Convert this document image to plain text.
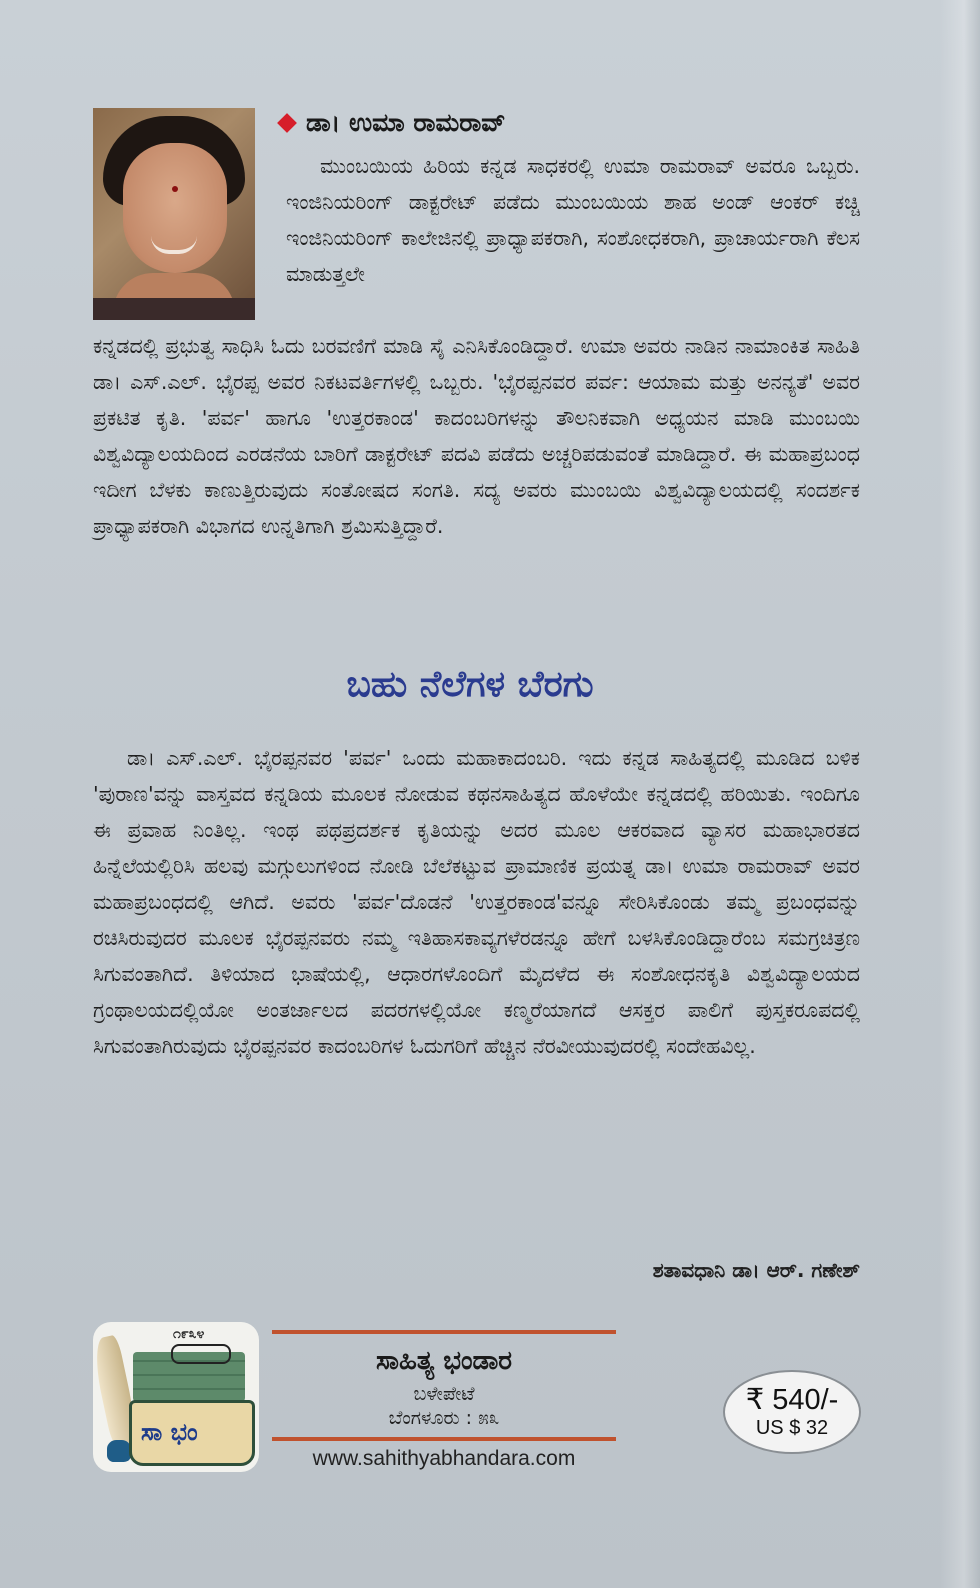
ಡಾ। ಉಮಾ ರಾಮರಾವ್
ಮುಂಬಯಿಯ ಹಿರಿಯ ಕನ್ನಡ ಸಾಧಕರಲ್ಲಿ ಉಮಾ ರಾಮರಾವ್ ಅವರೂ ಒಬ್ಬರು. ಇಂಜಿನಿಯರಿಂಗ್ ಡಾಕ್ಟರೇಟ್ ಪಡೆದು ಮುಂಬಯಿಯ ಶಾಹ ಅಂಡ್ ಆಂಕರ್ ಕಚ್ಚಿ ಇಂಜಿನಿಯರಿಂಗ್ ಕಾಲೇಜಿನಲ್ಲಿ ಪ್ರಾಧ್ಯಾಪಕರಾಗಿ, ಸಂಶೋಧಕರಾಗಿ, ಪ್ರಾಚಾರ್ಯರಾಗಿ ಕೆಲಸ ಮಾಡುತ್ತಲೇ
ಕನ್ನಡದಲ್ಲಿ ಪ್ರಭುತ್ವ ಸಾಧಿಸಿ ಓದು ಬರವಣಿಗೆ ಮಾಡಿ ಸೈ ಎನಿಸಿಕೊಂಡಿದ್ದಾರೆ. ಉಮಾ ಅವರು ನಾಡಿನ ನಾಮಾಂಕಿತ ಸಾಹಿತಿ ಡಾ। ಎಸ್.ಎಲ್. ಭೈರಪ್ಪ ಅವರ ನಿಕಟವರ್ತಿಗಳಲ್ಲಿ ಒಬ್ಬರು. 'ಭೈರಪ್ಪನವರ ಪರ್ವ: ಆಯಾಮ ಮತ್ತು ಅನನ್ಯತೆ' ಅವರ ಪ್ರಕಟಿತ ಕೃತಿ. 'ಪರ್ವ' ಹಾಗೂ 'ಉತ್ತರಕಾಂಡ' ಕಾದಂಬರಿಗಳನ್ನು ತೌಲನಿಕವಾಗಿ ಅಧ್ಯಯನ ಮಾಡಿ ಮುಂಬಯಿ ವಿಶ್ವವಿದ್ಯಾಲಯದಿಂದ ಎರಡನೆಯ ಬಾರಿಗೆ ಡಾಕ್ಟರೇಟ್ ಪದವಿ ಪಡೆದು ಅಚ್ಚರಿಪಡುವಂತೆ ಮಾಡಿದ್ದಾರೆ. ಈ ಮಹಾಪ್ರಬಂಧ ಇದೀಗ ಬೆಳಕು ಕಾಣುತ್ತಿರುವುದು ಸಂತೋಷದ ಸಂಗತಿ. ಸದ್ಯ ಅವರು ಮುಂಬಯಿ ವಿಶ್ವವಿದ್ಯಾಲಯದಲ್ಲಿ ಸಂದರ್ಶಕ ಪ್ರಾಧ್ಯಾಪಕರಾಗಿ ವಿಭಾಗದ ಉನ್ನತಿಗಾಗಿ ಶ್ರಮಿಸುತ್ತಿದ್ದಾರೆ.
ಬಹು ನೆಲೆಗಳ ಬೆರಗು
ಡಾ। ಎಸ್.ಎಲ್. ಭೈರಪ್ಪನವರ 'ಪರ್ವ' ಒಂದು ಮಹಾಕಾದಂಬರಿ. ಇದು ಕನ್ನಡ ಸಾಹಿತ್ಯದಲ್ಲಿ ಮೂಡಿದ ಬಳಿಕ 'ಪುರಾಣ'ವನ್ನು ವಾಸ್ತವದ ಕನ್ನಡಿಯ ಮೂಲಕ ನೋಡುವ ಕಥನಸಾಹಿತ್ಯದ ಹೊಳೆಯೇ ಕನ್ನಡದಲ್ಲಿ ಹರಿಯಿತು. ಇಂದಿಗೂ ಈ ಪ್ರವಾಹ ನಿಂತಿಲ್ಲ. ಇಂಥ ಪಥಪ್ರದರ್ಶಕ ಕೃತಿಯನ್ನು ಅದರ ಮೂಲ ಆಕರವಾದ ವ್ಯಾಸರ ಮಹಾಭಾರತದ ಹಿನ್ನೆಲೆಯಲ್ಲಿರಿಸಿ ಹಲವು ಮಗ್ಗುಲುಗಳಿಂದ ನೋಡಿ ಬೆಲೆಕಟ್ಟುವ ಪ್ರಾಮಾಣಿಕ ಪ್ರಯತ್ನ ಡಾ। ಉಮಾ ರಾಮರಾವ್ ಅವರ ಮಹಾಪ್ರಬಂಧದಲ್ಲಿ ಆಗಿದೆ. ಅವರು 'ಪರ್ವ'ದೊಡನೆ 'ಉತ್ತರಕಾಂಡ'ವನ್ನೂ ಸೇರಿಸಿಕೊಂಡು ತಮ್ಮ ಪ್ರಬಂಧವನ್ನು ರಚಿಸಿರುವುದರ ಮೂಲಕ ಭೈರಪ್ಪನವರು ನಮ್ಮ ಇತಿಹಾಸಕಾವ್ಯಗಳೆರಡನ್ನೂ ಹೇಗೆ ಬಳಸಿಕೊಂಡಿದ್ದಾರೆಂಬ ಸಮಗ್ರಚಿತ್ರಣ ಸಿಗುವಂತಾಗಿದೆ. ತಿಳಿಯಾದ ಭಾಷೆಯಲ್ಲಿ, ಆಧಾರಗಳೊಂದಿಗೆ ಮೈದಳೆದ ಈ ಸಂಶೋಧನಕೃತಿ ವಿಶ್ವವಿದ್ಯಾಲಯದ ಗ್ರಂಥಾಲಯದಲ್ಲಿಯೋ ಅಂತರ್ಜಾಲದ ಪದರಗಳಲ್ಲಿಯೋ ಕಣ್ಮರೆಯಾಗದೆ ಆಸಕ್ತರ ಪಾಲಿಗೆ ಪುಸ್ತಕರೂಪದಲ್ಲಿ ಸಿಗುವಂತಾಗಿರುವುದು ಭೈರಪ್ಪನವರ ಕಾದಂಬರಿಗಳ ಓದುಗರಿಗೆ ಹೆಚ್ಚಿನ ನೆರವೀಯುವುದರಲ್ಲಿ ಸಂದೇಹವಿಲ್ಲ.
ಶತಾವಧಾನಿ ಡಾ। ಆರ್. ಗಣೇಶ್
೧೯೩೪
ಸಾ ಭಂ
ಸಾಹಿತ್ಯ ಭಂಡಾರ
ಬಳೇಪೇಟೆ
ಬೆಂಗಳೂರು : ೫೩
www.sahithyabhandara.com
₹ 540/-
US $ 32
